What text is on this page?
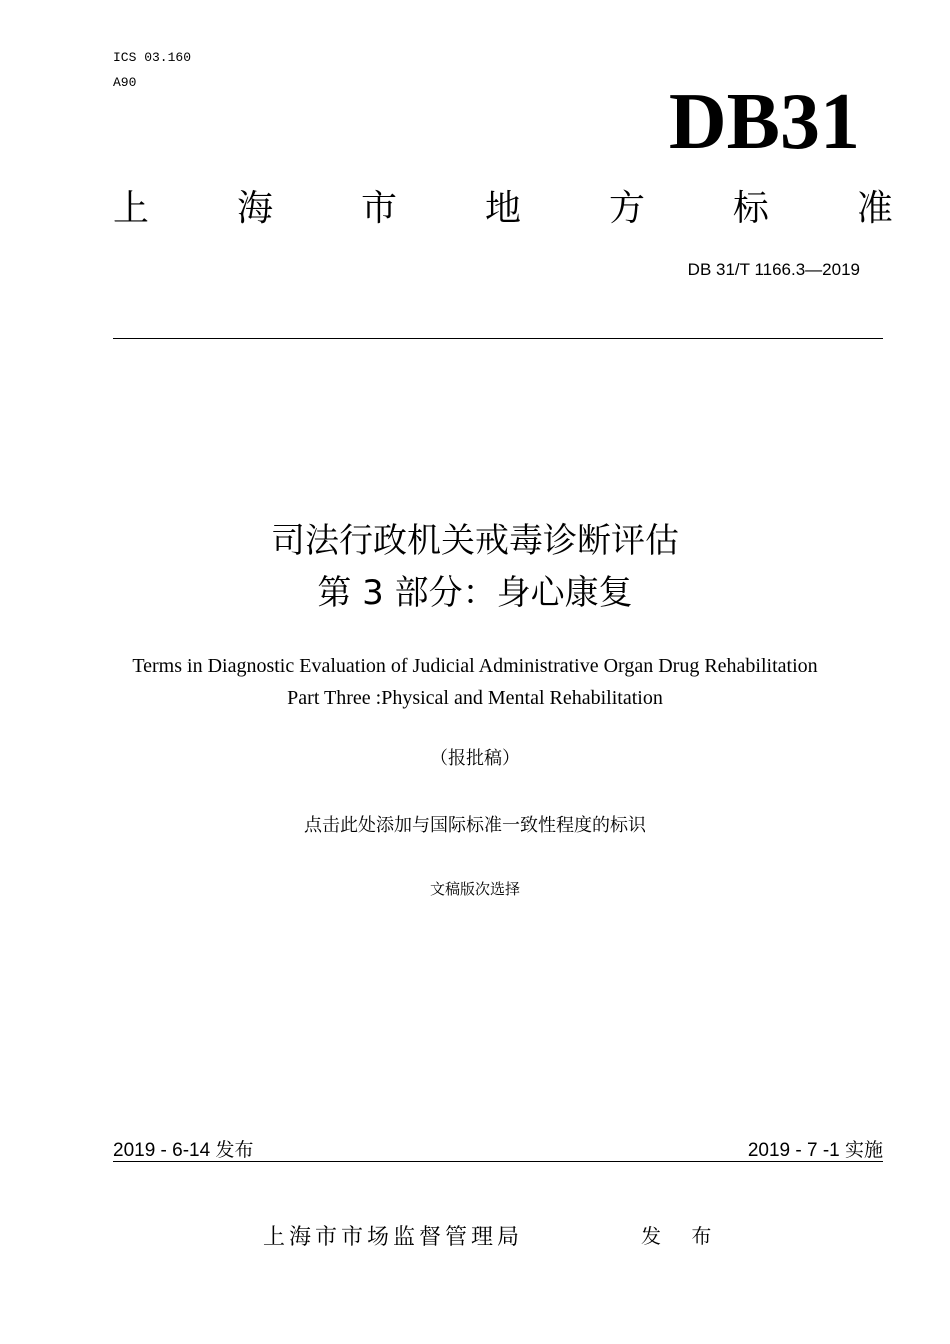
ICS 03.160
A90	DB31
上 海 市 地 方 标 准
DB 31/T 1166.3—2019
司法行政机关戒毒诊断评估
第 3 部分：身心康复
Terms in Diagnostic Evaluation of Judicial Administrative Organ Drug Rehabilitation
Part Three :Physical and Mental Rehabilitation
（报批稿）
点击此处添加与国际标准一致性程度的标识
文稿版次选择
2019 - 6-14 发布	2019 - 7 -1 实施
上海市市场监督管理局	发 布
